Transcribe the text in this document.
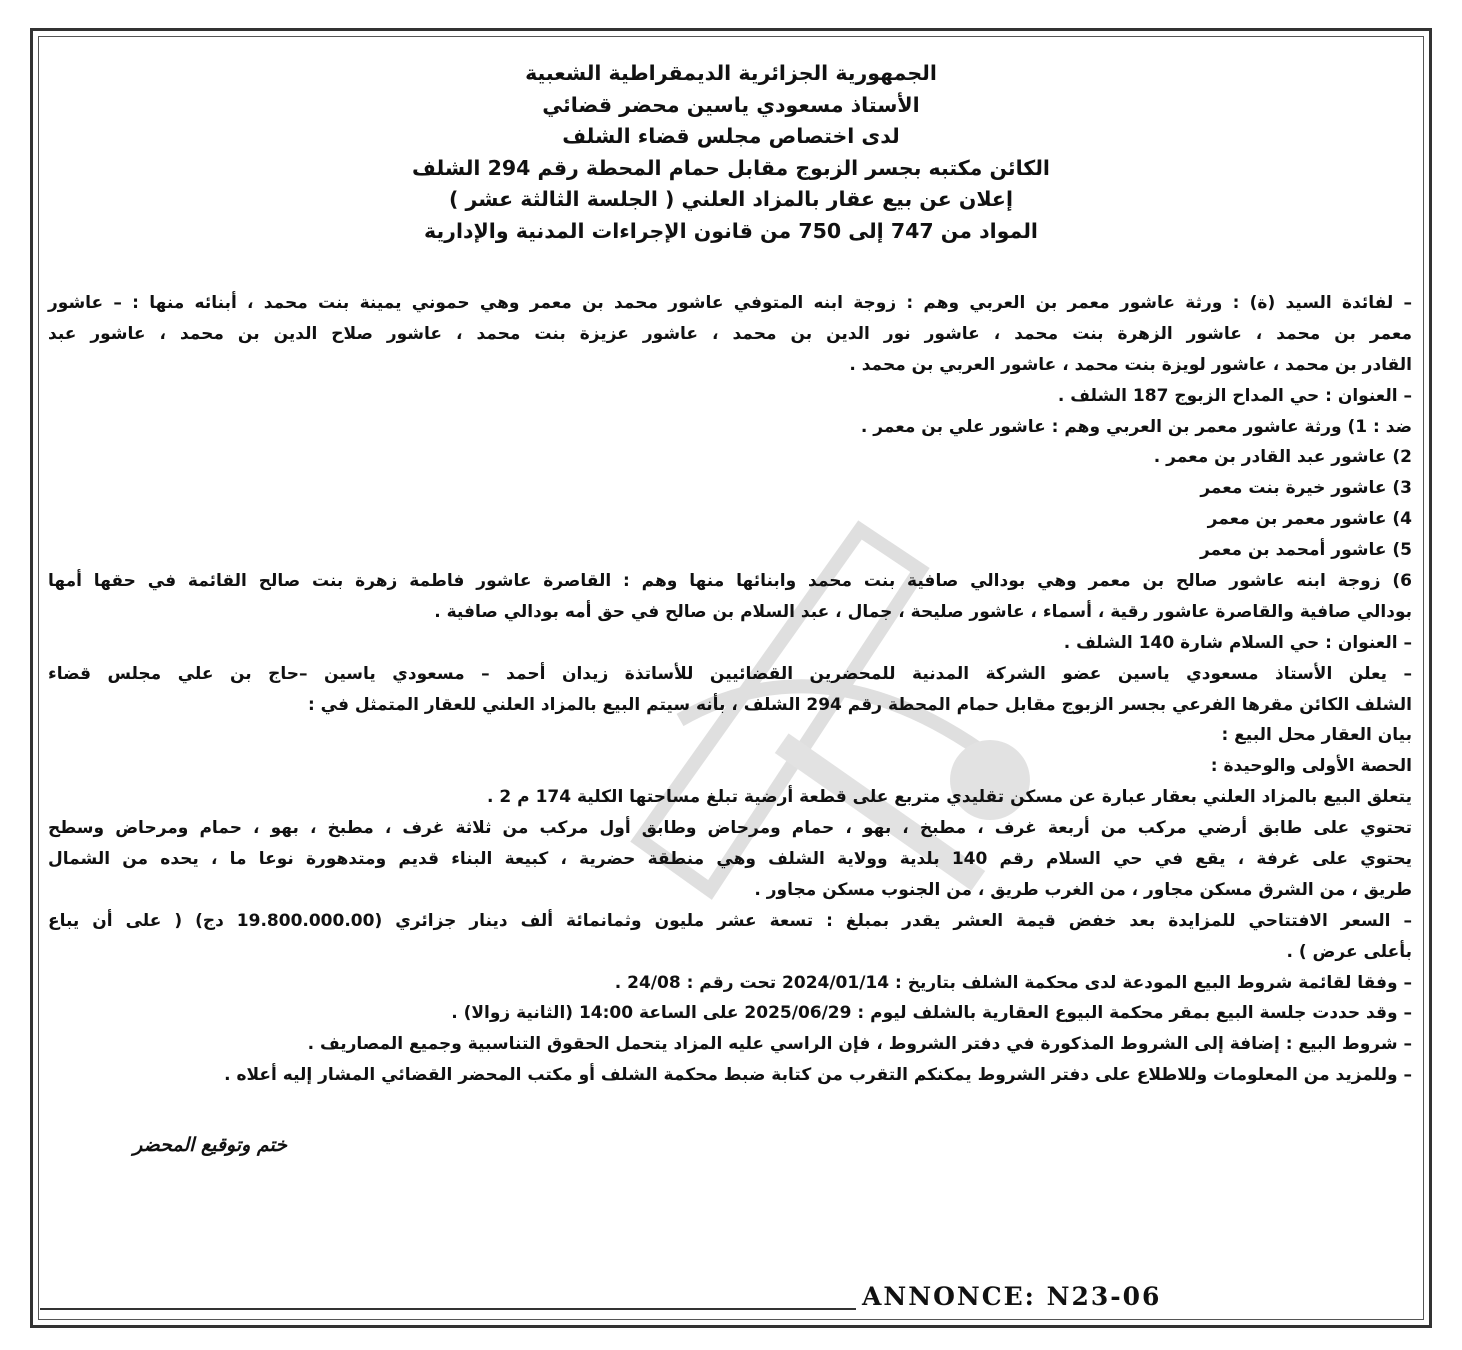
الجمهورية الجزائرية الديمقراطية الشعبية
الأستاذ مسعودي ياسين محضر قضائي
لدى اختصاص مجلس قضاء الشلف
الكائن مكتبه بجسر الزبوج مقابل حمام المحطة رقم 294 الشلف
إعلان عن بيع عقار بالمزاد العلني ( الجلسة الثالثة عشر )
المواد من 747 إلى 750 من قانون الإجراءات المدنية والإدارية
– لفائدة السيد (ة) : ورثة عاشور معمر بن العربي وهم : زوجة ابنه المتوفي عاشور محمد بن معمر وهي حموني يمينة بنت محمد ، أبنائه منها : – عاشور
معمر بن محمد ، عاشور الزهرة بنت محمد ، عاشور نور الدين بن محمد ، عاشور عزيزة بنت محمد ، عاشور صلاح الدين بن محمد ، عاشور عبد
القادر بن محمد ، عاشور لويزة بنت محمد ، عاشور العربي بن محمد .
– العنوان : حي المداح الزبوج 187 الشلف .
ضد : 1) ورثة عاشور معمر بن العربي وهم : عاشور علي بن معمر .
2) عاشور عبد القادر بن معمر .
3) عاشور خيرة بنت معمر
4) عاشور معمر بن معمر
5) عاشور أمحمد بن معمر
6) زوجة ابنه عاشور صالح بن معمر وهي بودالي صافية بنت محمد وابنائها منها وهم : القاصرة عاشور فاطمة زهرة بنت صالح القائمة في حقها أمها
بودالي صافية والقاصرة عاشور رقية ، أسماء ، عاشور صليحة ، جمال ، عبد السلام بن صالح في حق أمه بودالي صافية .
– العنوان : حي السلام شارة 140 الشلف .
– يعلن الأستاذ مسعودي ياسين عضو الشركة المدنية للمحضرين القضائيين للأساتذة زيدان أحمد – مسعودي ياسين –حاج بن علي مجلس قضاء
الشلف الكائن مقرها الفرعي بجسر الزبوج مقابل حمام المحطة رقم 294 الشلف ، بأنه سيتم البيع بالمزاد العلني للعقار المتمثل في :
بيان العقار محل البيع :
الحصة الأولى والوحيدة :
يتعلق البيع بالمزاد العلني بعقار عبارة عن مسكن تقليدي متربع على قطعة أرضية تبلغ مساحتها الكلية 174 م 2 .
تحتوي على طابق أرضي مركب من أربعة غرف ، مطبخ ، بهو ، حمام ومرحاض وطابق أول مركب من ثلاثة غرف ، مطبخ ، بهو ، حمام ومرحاض وسطح
يحتوي على غرفة ، يقع في حي السلام رقم 140 بلدية وولاية الشلف وهي منطقة حضرية ، كبيعة البناء قديم ومتدهورة نوعا ما ، يحده من الشمال
طريق ، من الشرق مسكن مجاور ، من الغرب طريق ، من الجنوب مسكن مجاور .
– السعر الافتتاحي للمزايدة بعد خفض قيمة العشر يقدر بمبلغ : تسعة عشر مليون وثمانمائة ألف دينار جزائري (19.800.000.00 دج) ( على أن يباع
بأعلى عرض ) .
– وفقا لقائمة شروط البيع المودعة لدى محكمة الشلف بتاريخ : 2024/01/14 تحت رقم : 24/08 .
– وقد حددت جلسة البيع بمقر محكمة البيوع العقارية بالشلف ليوم : 2025/06/29 على الساعة 14:00 (الثانية زوالا) .
– شروط البيع : إضافة إلى الشروط المذكورة في دفتر الشروط ، فإن الراسي عليه المزاد يتحمل الحقوق التناسبية وجميع المصاريف .
– وللمزيد من المعلومات وللاطلاع على دفتر الشروط يمكنكم التقرب من كتابة ضبط محكمة الشلف أو مكتب المحضر القضائي المشار إليه أعلاه .
ختم وتوقيع المحضر
ANNONCE: N23-06
